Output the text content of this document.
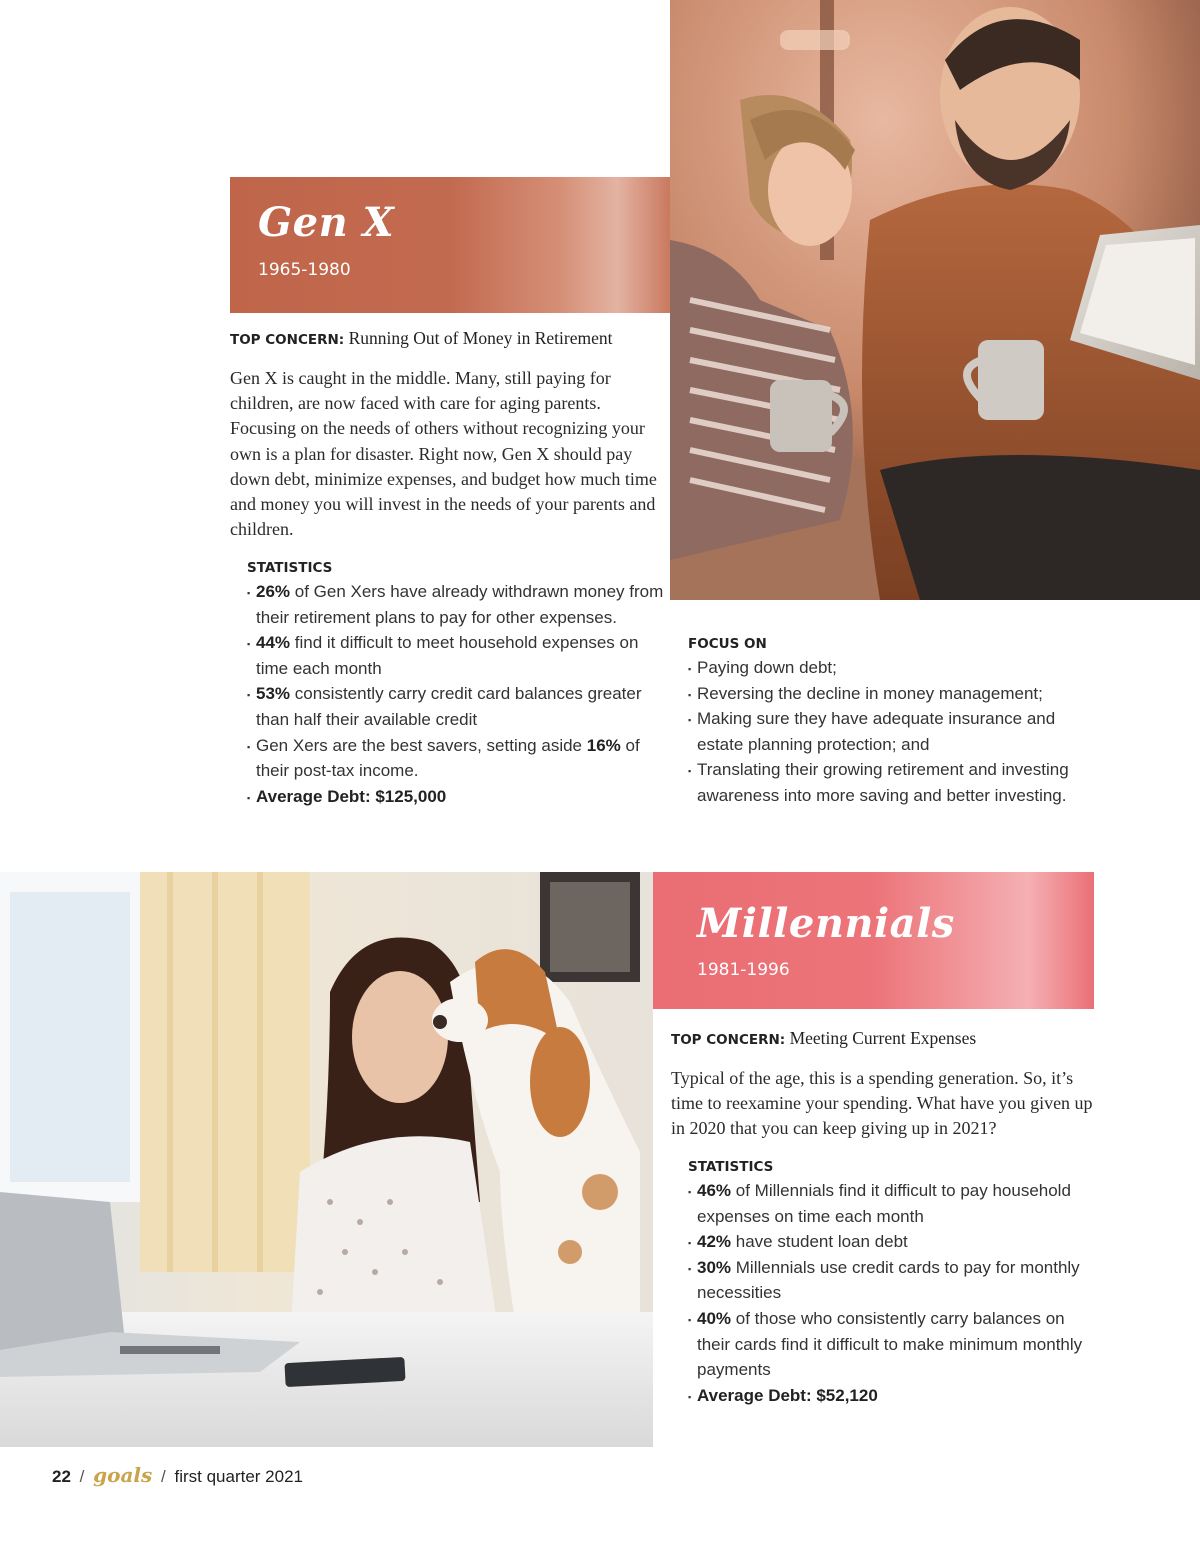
Gen X
1965-1980
TOP CONCERN: Running Out of Money in Retirement
Gen X is caught in the middle. Many, still paying for children, are now faced with care for aging parents. Focusing on the needs of others without recognizing your own is a plan for disaster. Right now, Gen X should pay down debt, minimize expenses, and budget how much time and money you will invest in the needs of your parents and children.
STATISTICS
▪ 26% of Gen Xers have already withdrawn money from their retirement plans to pay for other expenses.
▪ 44% find it difficult to meet household expenses on time each month
▪ 53% consistently carry credit card balances greater than half their available credit
▪ Gen Xers are the best savers, setting aside 16% of their post-tax income.
▪ Average Debt: $125,000
FOCUS ON
▪ Paying down debt;
▪ Reversing the decline in money management;
▪ Making sure they have adequate insurance and estate planning protection; and
▪ Translating their growing retirement and investing awareness into more saving and better investing.
Millennials
1981-1996
TOP CONCERN: Meeting Current Expenses
Typical of the age, this is a spending generation. So, it’s time to reexamine your spending. What have you given up in 2020 that you can keep giving up in 2021?
STATISTICS
▪ 46% of Millennials find it difficult to pay household expenses on time each month
▪ 42% have student loan debt
▪ 30% Millennials use credit cards to pay for monthly necessities
▪ 40% of those who consistently carry balances on their cards find it difficult to make minimum monthly payments
▪ Average Debt: $52,120
22 / goals / first quarter 2021
